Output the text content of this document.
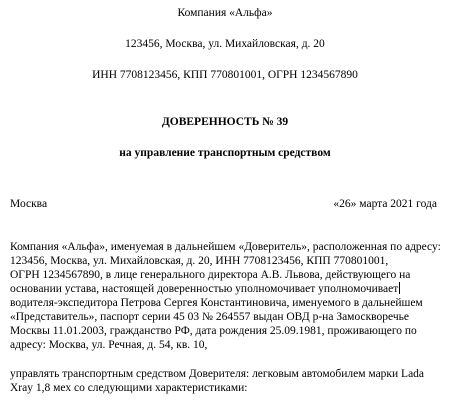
Компания «Альфа»
123456, Москва, ул. Михайловская, д. 20
ИНН 7708123456, КПП 770801001, ОГРН 1234567890
ДОВЕРЕННОСТЬ № 39
на управление транспортным средством
Москва	«26» марта 2021 года
Компания «Альфа», именуемая в дальнейшем «Доверитель», расположенная по адресу:
123456, Москва, ул. Михайловская, д. 20, ИНН 7708123456, КПП 770801001,
ОГРН 1234567890, в лице генерального директора А.В. Львова, действующего на
основании устава, настоящей доверенностью уполномочивает уполномочивает
водителя-экспедитора Петрова Сергея Константиновича, именуемого в дальнейшем
«Представитель», паспорт серии 45 03 № 264557 выдан ОВД р-на Замоскворечье
Москвы 11.01.2003, гражданство РФ, дата рождения 25.09.1981, проживающего по
адресу: Москва, ул. Речная, д. 54, кв. 10,
управлять транспортным средством Доверителя: легковым автомобилем марки Lada
Xray 1,8 мех со следующими характеристиками:
